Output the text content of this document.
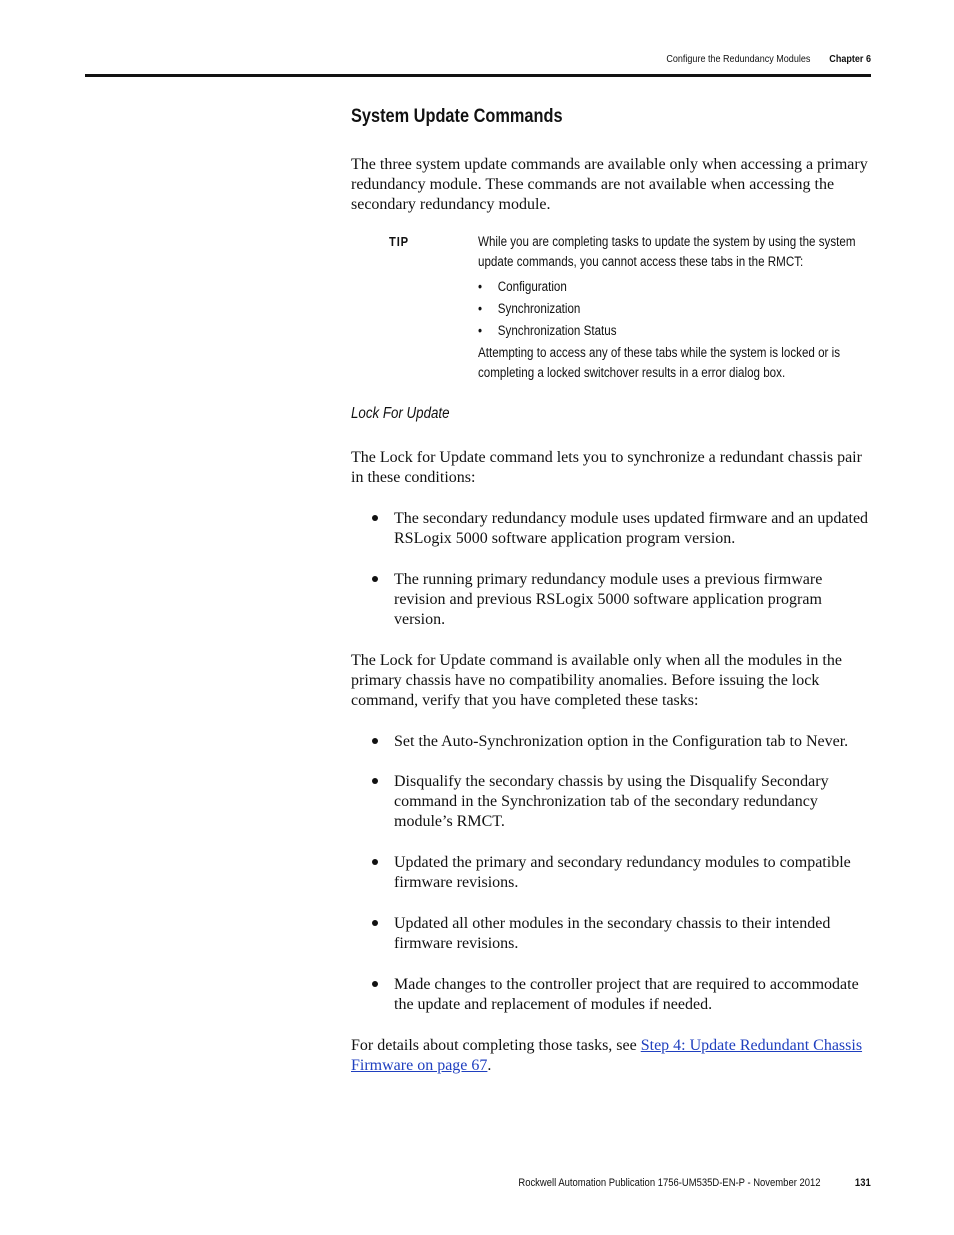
Configure the Redundancy Modules Chapter 6
System Update Commands

The three system update commands are available only when accessing a primary redundancy module. These commands are not available when accessing the secondary redundancy module.

TIP	While you are completing tasks to update the system by using the system
update commands, you cannot access these tabs in the RMCT:
• Configuration
• Synchronization
• Synchronization Status
Attempting to access any of these tabs while the system is locked or is
completing a locked switchover results in a error dialog box.
Lock For Update

The Lock for Update command lets you to synchronize a redundant chassis pair in these conditions:

The secondary redundancy module uses updated firmware and an updated RSLogix 5000 software application program version.
The running primary redundancy module uses a previous firmware revision and previous RSLogix 5000 software application program version.

The Lock for Update command is available only when all the modules in the primary chassis have no compatibility anomalies. Before issuing the lock command, verify that you have completed these tasks:

Set the Auto-Synchronization option in the Configuration tab to Never.
Disqualify the secondary chassis by using the Disqualify Secondary command in the Synchronization tab of the secondary redundancy module’s RMCT.
Updated the primary and secondary redundancy modules to compatible firmware revisions.
Updated all other modules in the secondary chassis to their intended firmware revisions.
Made changes to the controller project that are required to accommodate the update and replacement of modules if needed.

For details about completing those tasks, see Step 4: Update Redundant Chassis Firmware on page 67.

Rockwell Automation Publication 1756-UM535D-EN-P - November 2012	131
